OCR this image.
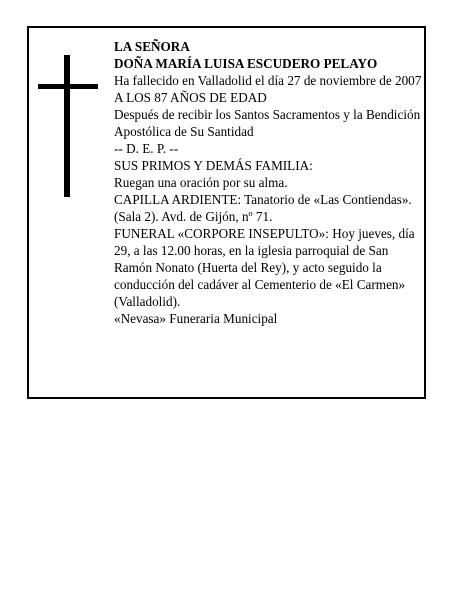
LA SEÑORA

DOÑA MARÍA LUISA ESCUDERO PELAYO

Ha fallecido en Valladolid el día 27 de noviembre de 2007

A LOS 87 AÑOS DE EDAD

Después de recibir los Santos Sacramentos y la Bendición Apostólica de Su Santidad

-- D. E. P. --

SUS PRIMOS Y DEMÁS FAMILIA:

Ruegan una oración por su alma.

CAPILLA ARDIENTE: Tanatorio de «Las Contiendas». (Sala 2). Avd. de Gijón, nº 71.

FUNERAL «CORPORE INSEPULTO»: Hoy jueves, día 29, a las 12.00 horas, en la iglesia parroquial de San Ramón Nonato (Huerta del Rey), y acto seguido la conducción del cadáver al Cementerio de «El Carmen» (Valladolid).

«Nevasa» Funeraria Municipal
